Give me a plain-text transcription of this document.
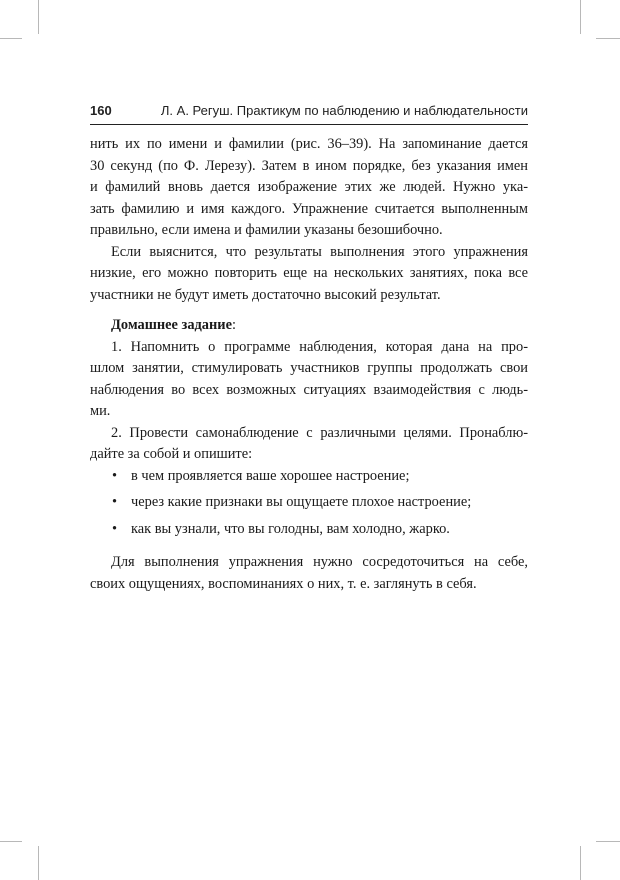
160	Л. А. Регуш. Практикум по наблюдению и наблюдательности
нить их по имени и фамилии (рис. 36–39). На запоминание дается
30 секунд (по Ф. Лерезу). Затем в ином порядке, без указания имен
и фамилий вновь дается изображение этих же людей. Нужно ука-
зать фамилию и имя каждого. Упражнение считается выполненным
правильно, если имена и фамилии указаны безошибочно.
Если выяснится, что результаты выполнения этого упражнения
низкие, его можно повторить еще на нескольких занятиях, пока все
участники не будут иметь достаточно высокий результат.
Домашнее задание:
1. Напомнить о программе наблюдения, которая дана на про-
шлом занятии, стимулировать участников группы продолжать свои
наблюдения во всех возможных ситуациях взаимодействия с людь-
ми.
2. Провести самонаблюдение с различными целями. Пронаблю-
дайте за собой и опишите:
• в чем проявляется ваше хорошее настроение;
• через какие признаки вы ощущаете плохое настроение;
• как вы узнали, что вы голодны, вам холодно, жарко.
Для выполнения упражнения нужно сосредоточиться на себе,
своих ощущениях, воспоминаниях о них, т. е. заглянуть в себя.
